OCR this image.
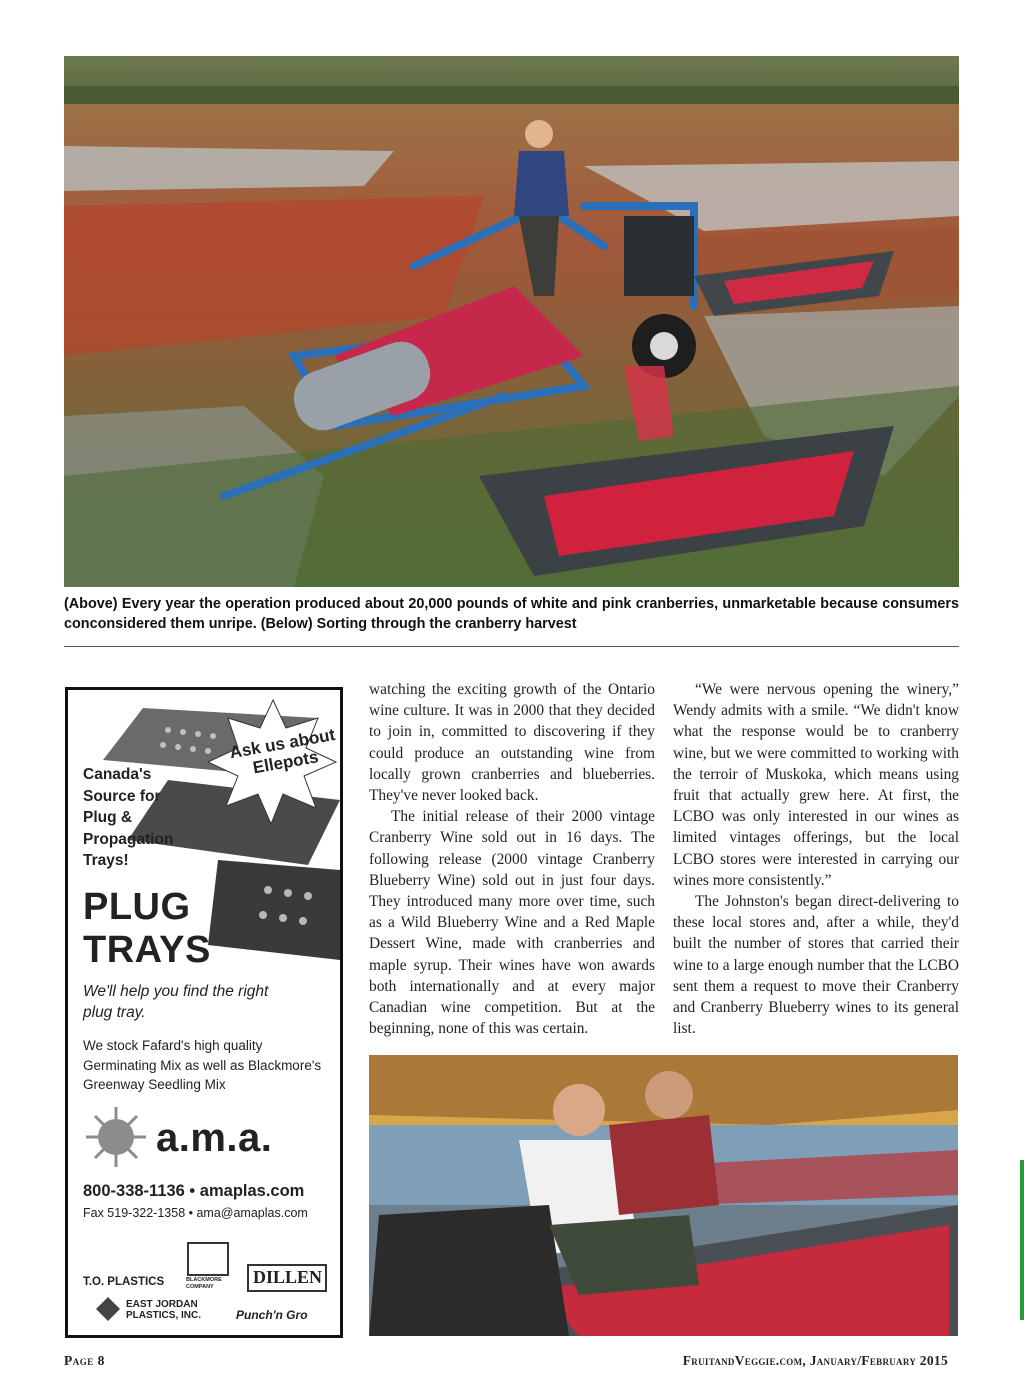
(Above) Every year the operation produced about 20,000 pounds of white and pink cranberries, unmarketable because consumers conconsidered them unripe. (Below) Sorting through the cranberry harvest
Ask us about Ellepots
Canada's Source for Plug & Propagation Trays!
PLUG
TRAYS
We'll help you find the right plug tray.
We stock Fafard's high quality Germinating Mix as well as Blackmore's Greenway Seedling Mix
a.m.a.
800-338-1136 • amaplas.com
Fax 519-322-1358 • ama@amaplas.com
T.O. PLASTICS	BLACKMORE COMPANY	DILLEN
EAST JORDAN PLASTICS, INC.	Punch'n Gro

watching the exciting growth of the Ontario wine culture. It was in 2000 that they decided to join in, committed to discovering if they could produce an outstanding wine from locally grown cranberries and blueberries. They've never looked back.

The initial release of their 2000 vintage Cranberry Wine sold out in 16 days. The following release (2000 vintage Cranberry Blueberry Wine) sold out in just four days. They introduced many more over time, such as a Wild Blueberry Wine and a Red Maple Dessert Wine, made with cranberries and maple syrup. Their wines have won awards both internationally and at every major Canadian wine competition. But at the beginning, none of this was certain.

“We were nervous opening the winery,” Wendy admits with a smile. “We didn't know what the response would be to cranberry wine, but we were committed to working with the terroir of Muskoka, which means using fruit that actually grew here. At first, the LCBO was only interested in our wines as limited vintages offerings, but the local LCBO stores were interested in carrying our wines more consistently.”

The Johnston's began direct-delivering to these local stores and, after a while, they'd built the number of stores that carried their wine to a large enough number that the LCBO sent them a request to move their Cranberry and Cranberry Blueberry wines to its general list.

Page 8	FruitandVeggie.com, January/February 2015
